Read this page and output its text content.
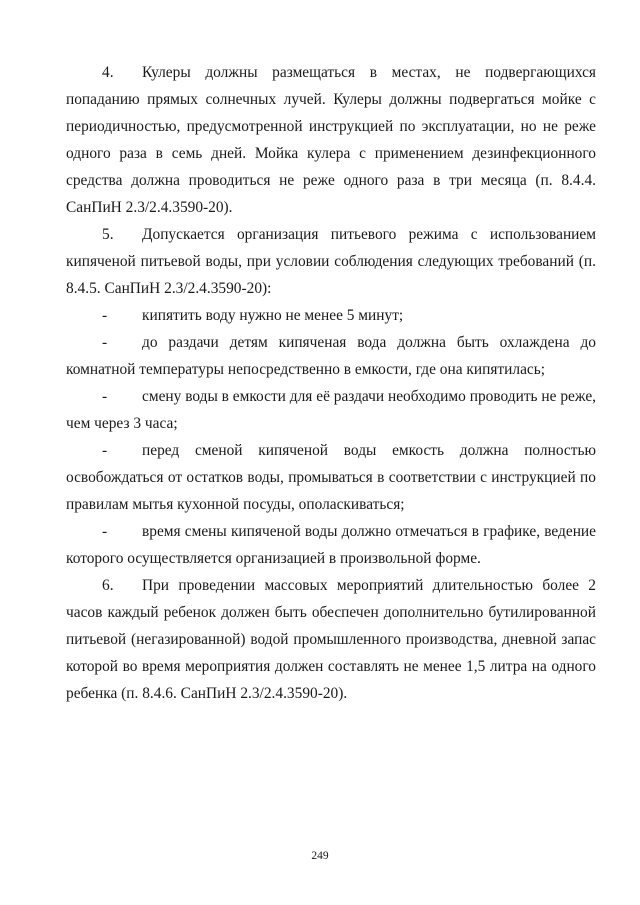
4. Кулеры должны размещаться в местах, не подвергающихся попаданию прямых солнечных лучей. Кулеры должны подвергаться мойке с периодичностью, предусмотренной инструкцией по эксплуатации, но не реже одного раза в семь дней. Мойка кулера с применением дезинфекционного средства должна проводиться не реже одного раза в три месяца (п. 8.4.4. СанПиН 2.3/2.4.3590-20).

5. Допускается организация питьевого режима с использованием кипяченой питьевой воды, при условии соблюдения следующих требований (п. 8.4.5. СанПиН 2.3/2.4.3590-20):

- кипятить воду нужно не менее 5 минут;

- до раздачи детям кипяченая вода должна быть охлаждена до комнатной температуры непосредственно в емкости, где она кипятилась;

- смену воды в емкости для её раздачи необходимо проводить не реже, чем через 3 часа;

- перед сменой кипяченой воды емкость должна полностью освобождаться от остатков воды, промываться в соответствии с инструкцией по правилам мытья кухонной посуды, ополаскиваться;

- время смены кипяченой воды должно отмечаться в графике, ведение которого осуществляется организацией в произвольной форме.

6. При проведении массовых мероприятий длительностью более 2 часов каждый ребенок должен быть обеспечен дополнительно бутилированной питьевой (негазированной) водой промышленного производства, дневной запас которой во время мероприятия должен составлять не менее 1,5 литра на одного ребенка (п. 8.4.6. СанПиН 2.3/2.4.3590-20).

249
